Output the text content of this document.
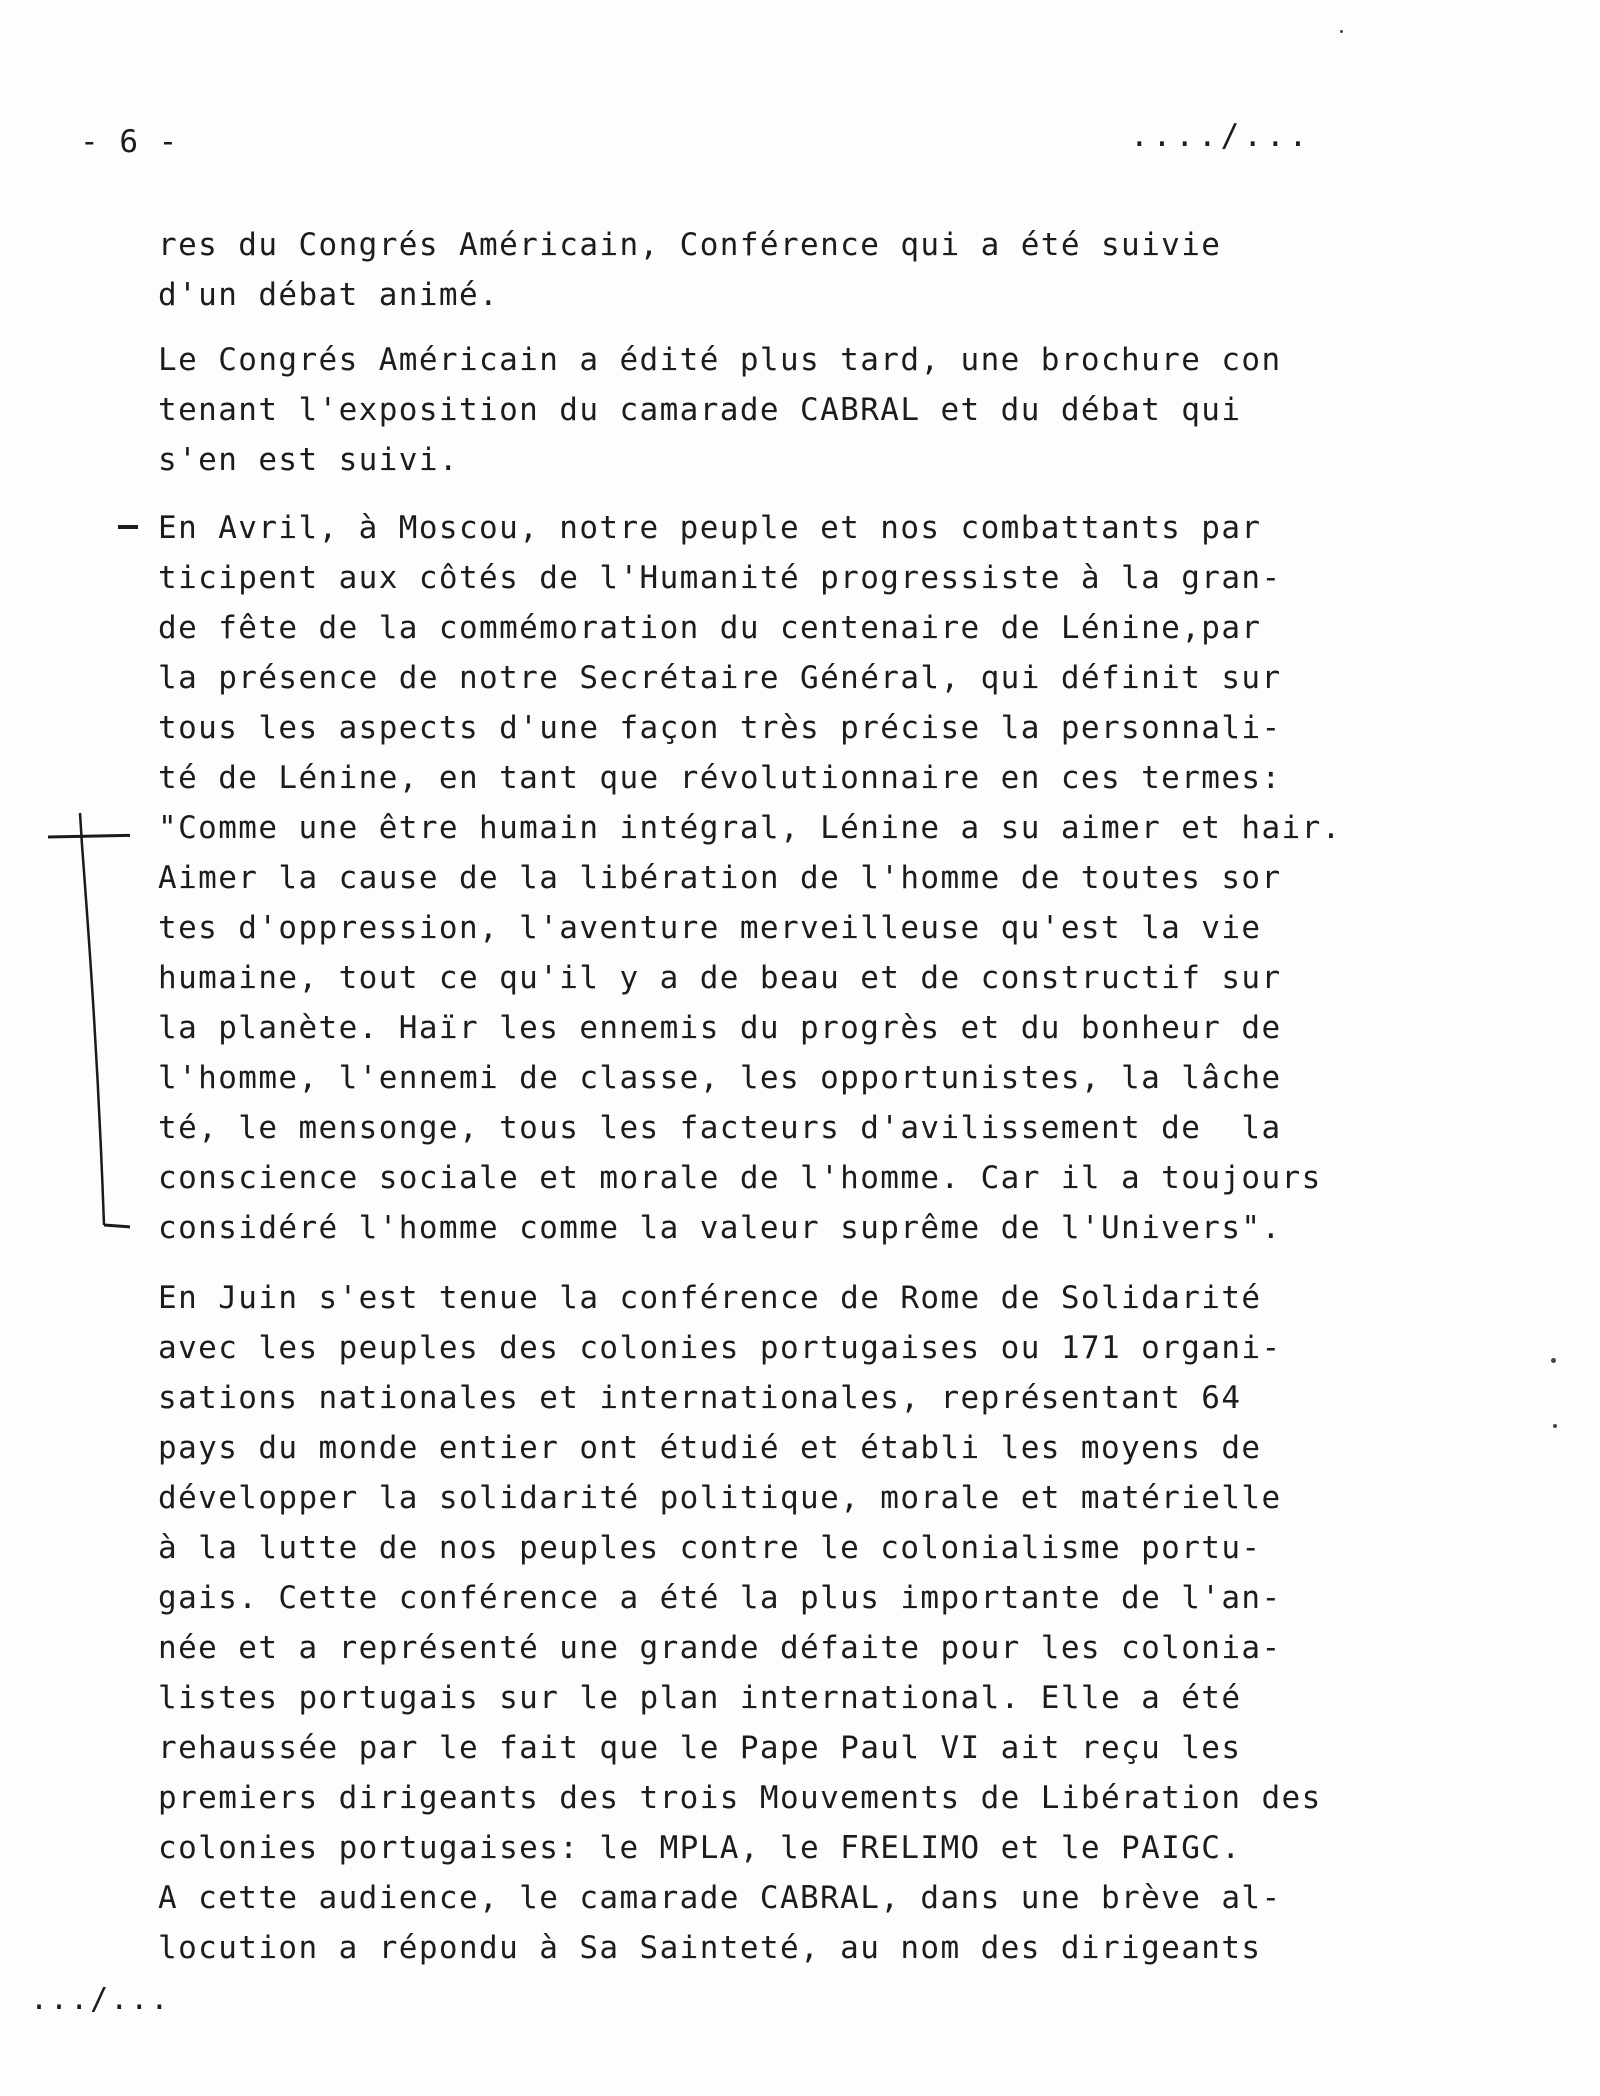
- 6 -	..../...
res du Congrés Américain, Conférence qui a été suivie
d'un débat animé.
Le Congrés Américain a édité plus tard, une brochure con
tenant l'exposition du camarade CABRAL et du débat qui
s'en est suivi.
En Avril, à Moscou, notre peuple et nos combattants par
ticipent aux côtés de l'Humanité progressiste à la gran-
de fête de la commémoration du centenaire de Lénine,par
la présence de notre Secrétaire Général, qui définit sur
tous les aspects d'une façon très précise la personnali-
té de Lénine, en tant que révolutionnaire en ces termes:
"Comme une être humain intégral, Lénine a su aimer et hair.
Aimer la cause de la libération de l'homme de toutes sor
tes d'oppression, l'aventure merveilleuse qu'est la vie
humaine, tout ce qu'il y a de beau et de constructif sur
la planète. Haïr les ennemis du progrès et du bonheur de
l'homme, l'ennemi de classe, les opportunistes, la lâche
té, le mensonge, tous les facteurs d'avilissement de  la
conscience sociale et morale de l'homme. Car il a toujours
considéré l'homme comme la valeur suprême de l'Univers".
En Juin s'est tenue la conférence de Rome de Solidarité
avec les peuples des colonies portugaises ou 171 organi-
sations nationales et internationales, représentant 64
pays du monde entier ont étudié et établi les moyens de
développer la solidarité politique, morale et matérielle
à la lutte de nos peuples contre le colonialisme portu-
gais. Cette conférence a été la plus importante de l'an-
née et a représenté une grande défaite pour les colonia-
listes portugais sur le plan international. Elle a été
rehaussée par le fait que le Pape Paul VI ait reçu les
premiers dirigeants des trois Mouvements de Libération des
colonies portugaises: le MPLA, le FRELIMO et le PAIGC.
A cette audience, le camarade CABRAL, dans une brève al-
locution a répondu à Sa Sainteté, au nom des dirigeants
.../...
